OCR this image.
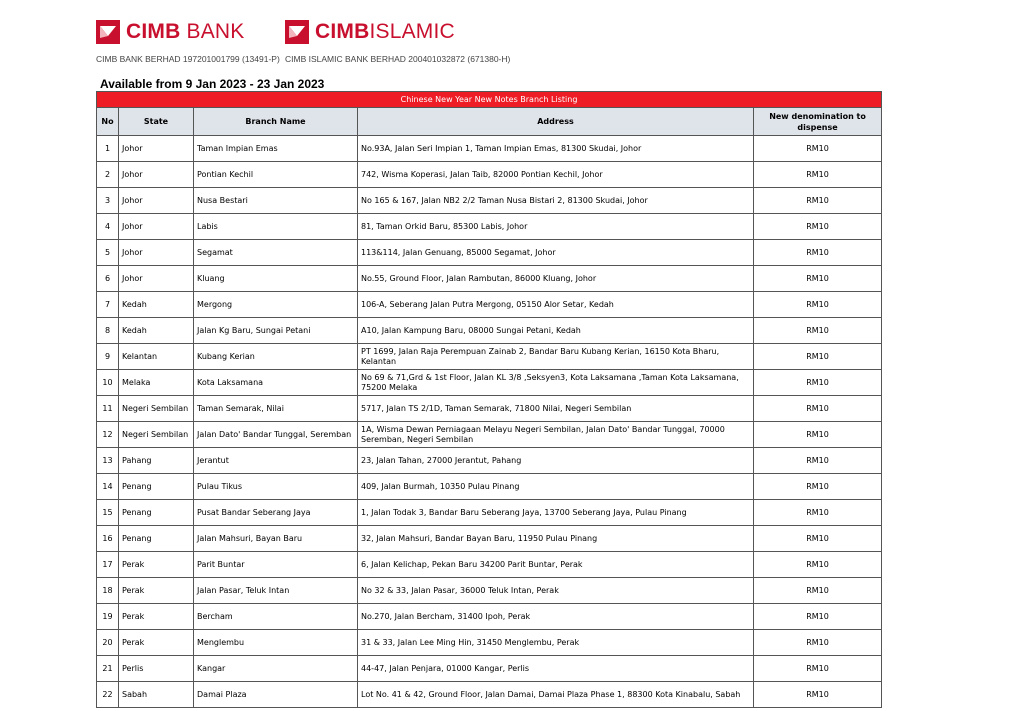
CIMB BANK
CIMB BANK BERHAD 197201001799 (13491-P)
CIMBISLAMIC
CIMB ISLAMIC BANK BERHAD 200401032872 (671380-H)
Available from 9 Jan 2023 - 23 Jan 2023
Chinese New Year New Notes Branch Listing				
No	State	Branch Name	Address	New denomination to dispense
1	Johor	Taman Impian Emas	No.93A, Jalan Seri Impian 1, Taman Impian Emas, 81300 Skudai, Johor	RM10
2	Johor	Pontian Kechil	742, Wisma Koperasi, Jalan Taib, 82000 Pontian Kechil, Johor	RM10
3	Johor	Nusa Bestari	No 165 & 167, Jalan NB2 2/2 Taman Nusa Bistari 2, 81300 Skudai, Johor	RM10
4	Johor	Labis	81, Taman Orkid Baru, 85300 Labis, Johor	RM10
5	Johor	Segamat	113&114, Jalan Genuang, 85000 Segamat, Johor	RM10
6	Johor	Kluang	No.55, Ground Floor, Jalan Rambutan, 86000 Kluang, Johor	RM10
7	Kedah	Mergong	106-A, Seberang Jalan Putra Mergong, 05150 Alor Setar, Kedah	RM10
8	Kedah	Jalan Kg Baru, Sungai Petani	A10, Jalan Kampung Baru, 08000 Sungai Petani, Kedah	RM10
9	Kelantan	Kubang Kerian	PT 1699, Jalan Raja Perempuan Zainab 2, Bandar Baru Kubang Kerian, 16150 Kota Bharu, Kelantan	RM10
10	Melaka	Kota Laksamana	No 69 & 71,Grd & 1st Floor, Jalan KL 3/8 ,Seksyen3, Kota Laksamana ,Taman Kota Laksamana, 75200 Melaka	RM10
11	Negeri Sembilan	Taman Semarak, Nilai	5717, Jalan TS 2/1D, Taman Semarak, 71800 Nilai, Negeri Sembilan	RM10
12	Negeri Sembilan	Jalan Dato' Bandar Tunggal, Seremban	1A, Wisma Dewan Perniagaan Melayu Negeri Sembilan, Jalan Dato' Bandar Tunggal, 70000 Seremban, Negeri Sembilan	RM10
13	Pahang	Jerantut	23, Jalan Tahan, 27000 Jerantut, Pahang	RM10
14	Penang	Pulau Tikus	409, Jalan Burmah, 10350 Pulau Pinang	RM10
15	Penang	Pusat Bandar Seberang Jaya	1, Jalan Todak 3, Bandar Baru Seberang Jaya, 13700 Seberang Jaya, Pulau Pinang	RM10
16	Penang	Jalan Mahsuri, Bayan Baru	32, Jalan Mahsuri, Bandar Bayan Baru, 11950 Pulau Pinang	RM10
17	Perak	Parit Buntar	6, Jalan Kelichap, Pekan Baru 34200 Parit Buntar, Perak	RM10
18	Perak	Jalan Pasar, Teluk Intan	No 32 & 33, Jalan Pasar, 36000 Teluk Intan, Perak	RM10
19	Perak	Bercham	No.270, Jalan Bercham, 31400 Ipoh, Perak	RM10
20	Perak	Menglembu	31 & 33, Jalan Lee Ming Hin, 31450 Menglembu, Perak	RM10
21	Perlis	Kangar	44-47, Jalan Penjara, 01000 Kangar, Perlis	RM10
22	Sabah	Damai Plaza	Lot No. 41 & 42, Ground Floor, Jalan Damai, Damai Plaza Phase 1, 88300 Kota Kinabalu, Sabah	RM10
